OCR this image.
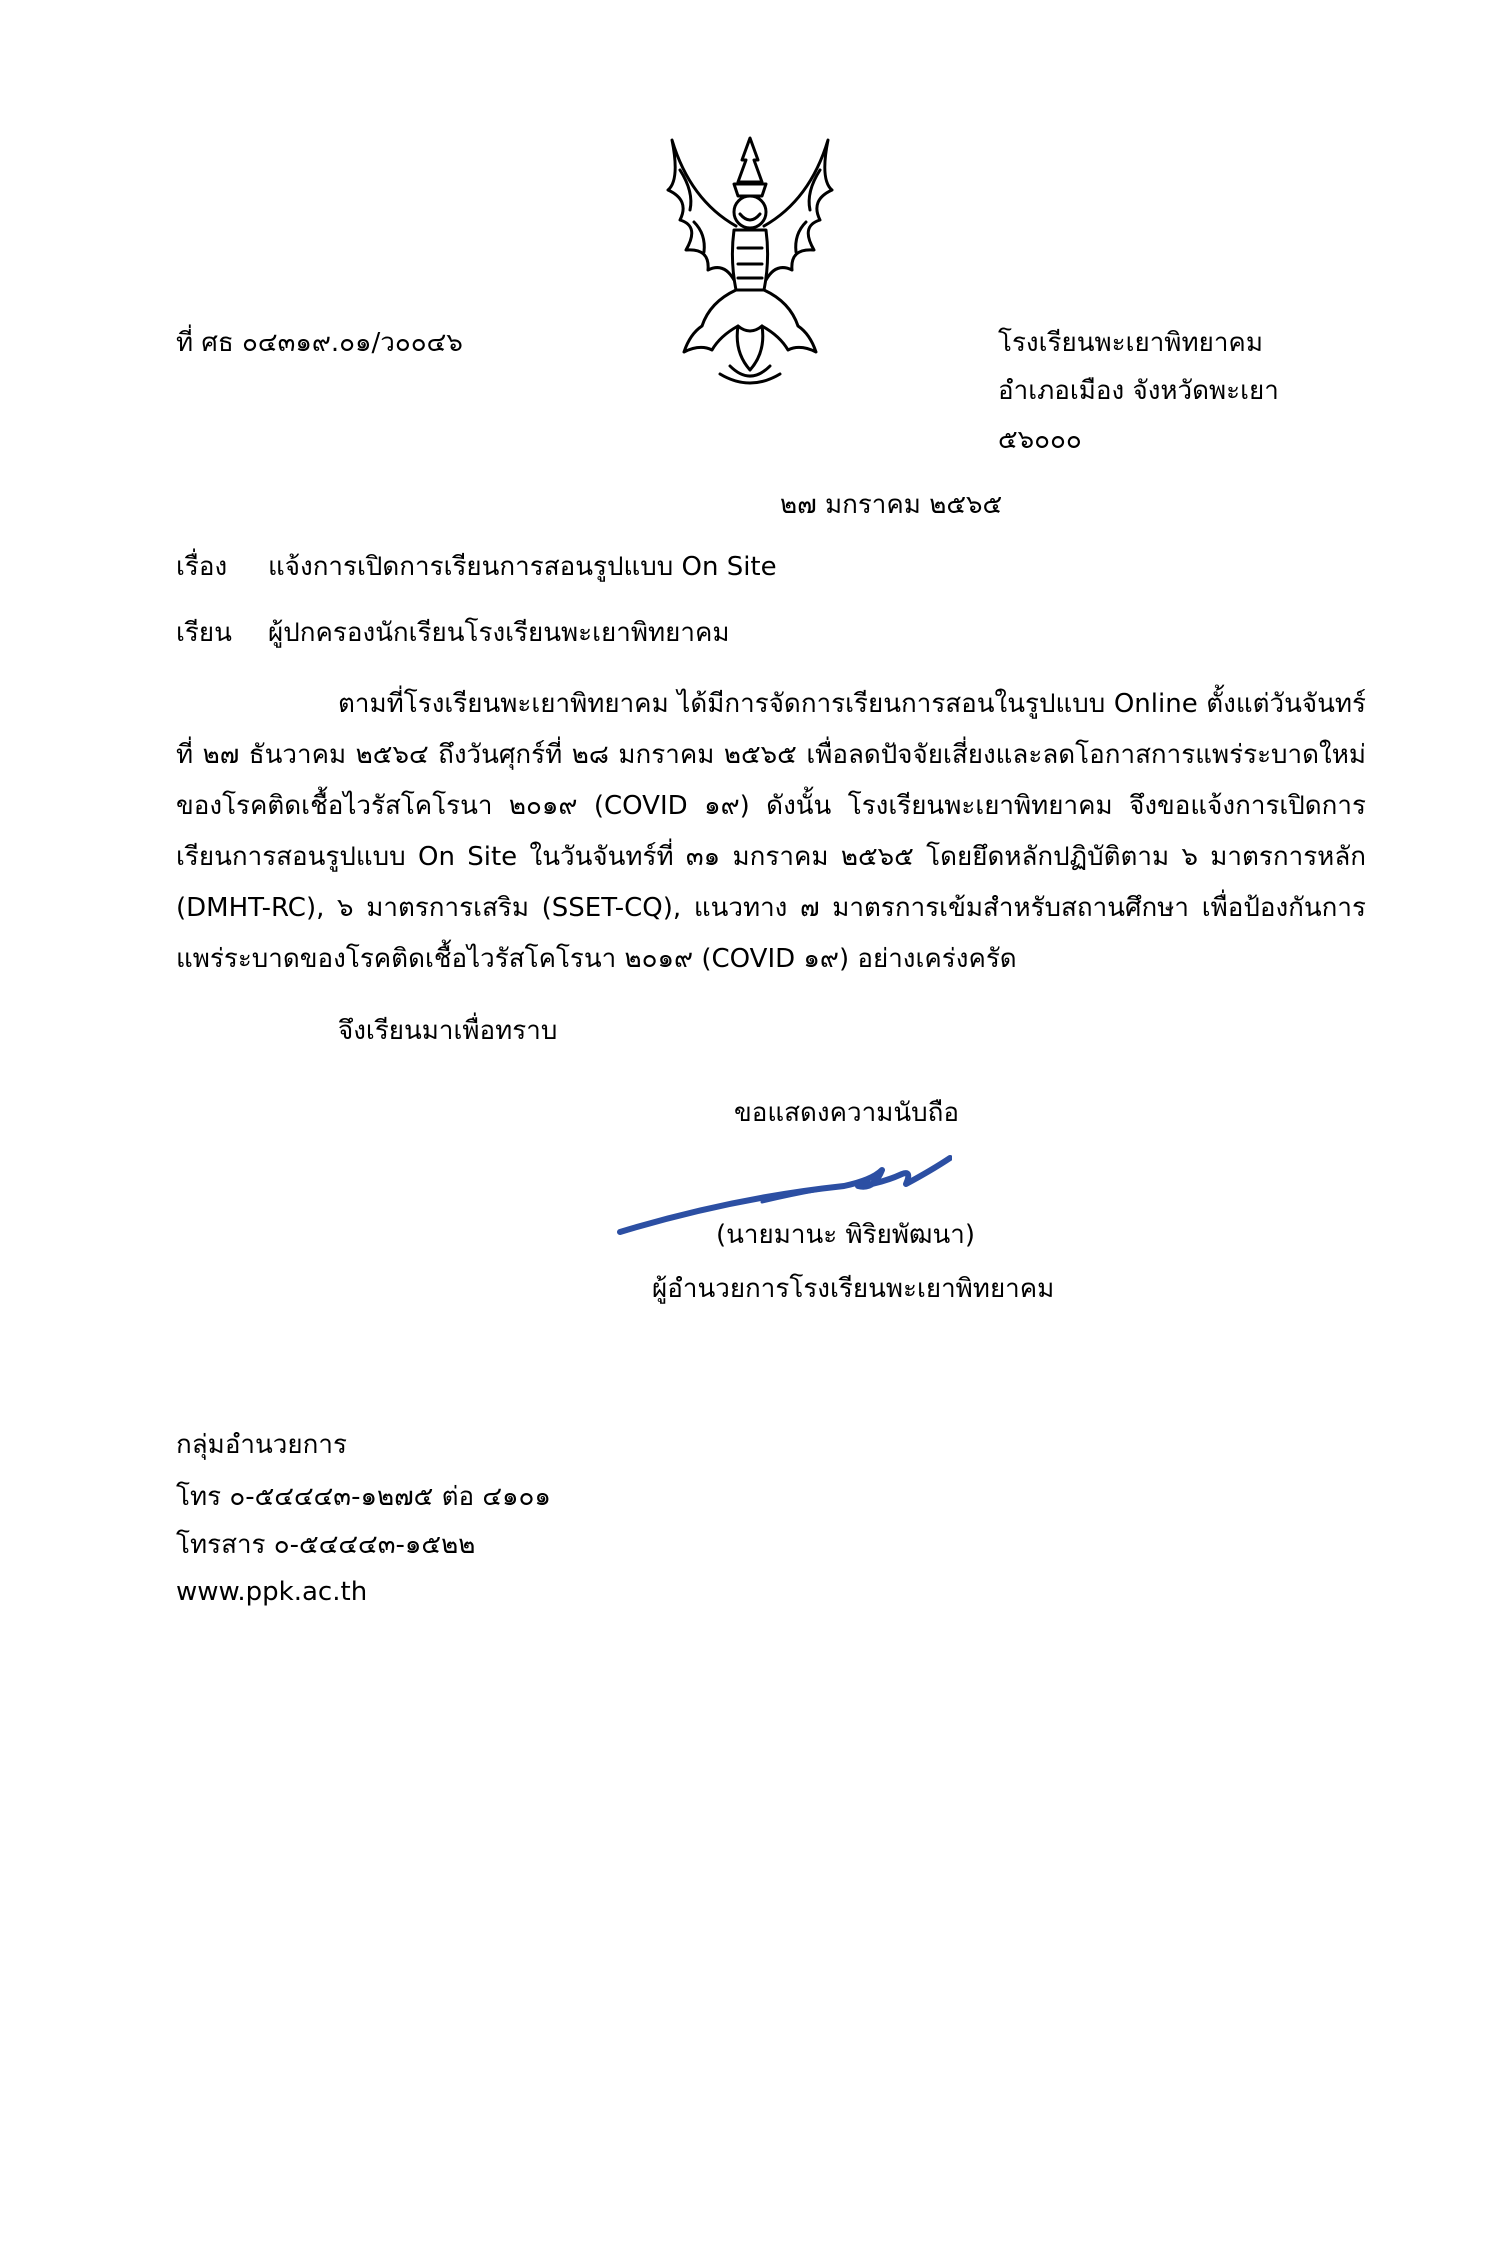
ที่ ศธ ๐๔๓๑๙.๐๑/ว๐๐๔๖	โรงเรียนพะเยาพิทยาคม
อำเภอเมือง จังหวัดพะเยา
๕๖๐๐๐
๒๗ มกราคม ๒๕๖๕
เรื่อง แจ้งการเปิดการเรียนการสอนรูปแบบ On Site
เรียน ผู้ปกครองนักเรียนโรงเรียนพะเยาพิทยาคม

ตามที่โรงเรียนพะเยาพิทยาคม ได้มีการจัดการเรียนการสอนในรูปแบบ Online ตั้งแต่วันจันทร์ที่ ๒๗ ธันวาคม ๒๕๖๔ ถึงวันศุกร์ที่ ๒๘ มกราคม ๒๕๖๕ เพื่อลดปัจจัยเสี่ยงและลดโอกาสการแพร่ระบาดใหม่ของโรคติดเชื้อไวรัสโคโรนา ๒๐๑๙ (COVID ๑๙) ดังนั้น โรงเรียนพะเยาพิทยาคม จึงขอแจ้งการเปิดการเรียนการสอนรูปแบบ On Site ในวันจันทร์ที่ ๓๑ มกราคม ๒๕๖๕ โดยยึดหลักปฏิบัติตาม ๖ มาตรการหลัก (DMHT-RC), ๖ มาตรการเสริม (SSET-CQ), แนวทาง ๗ มาตรการเข้มสำหรับสถานศึกษา เพื่อป้องกันการแพร่ระบาดของโรคติดเชื้อไวรัสโคโรนา ๒๐๑๙ (COVID ๑๙) อย่างเคร่งครัด

จึงเรียนมาเพื่อทราบ
ขอแสดงความนับถือ
(นายมานะ พิริยพัฒนา)
ผู้อำนวยการโรงเรียนพะเยาพิทยาคม
กลุ่มอำนวยการ
โทร ๐-๕๔๔๔๓-๑๒๗๕ ต่อ ๔๑๐๑
โทรสาร ๐-๕๔๔๔๓-๑๕๒๒
www.ppk.ac.th
